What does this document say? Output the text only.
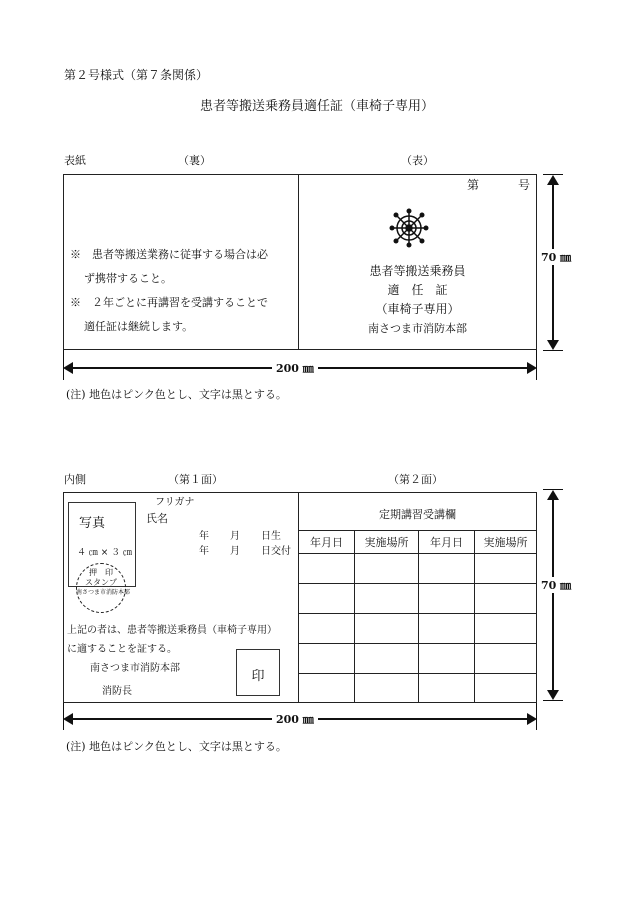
第２号様式（第７条関係）
患者等搬送乗務員適任証（車椅子専用）
表紙	（裏）	（表）
※　患者等搬送業務に従事する場合は必
ず携帯すること。
※　２年ごとに再講習を受講することで
適任証は継続します。
第	号
患者等搬送乗務員
適　任　証
（車椅子専用）
南さつま市消防本部
70 ㎜
200 ㎜
(注) 地色はピンク色とし、文字は黒とする。
内側	（第１面）	（第２面）
写真
４ ㎝ × ３ ㎝
押　印
スタンプ
南さつま市消防本部
フリガナ
氏名
年 月 日生
年 月 日交付
上記の者は、患者等搬送乗務員（車椅子専用）
に適することを証する。
南さつま市消防本部
消防長
印
定期講習受講欄
年月日	実施場所	年月日	実施場所

70 ㎜
200 ㎜
(注) 地色はピンク色とし、文字は黒とする。
